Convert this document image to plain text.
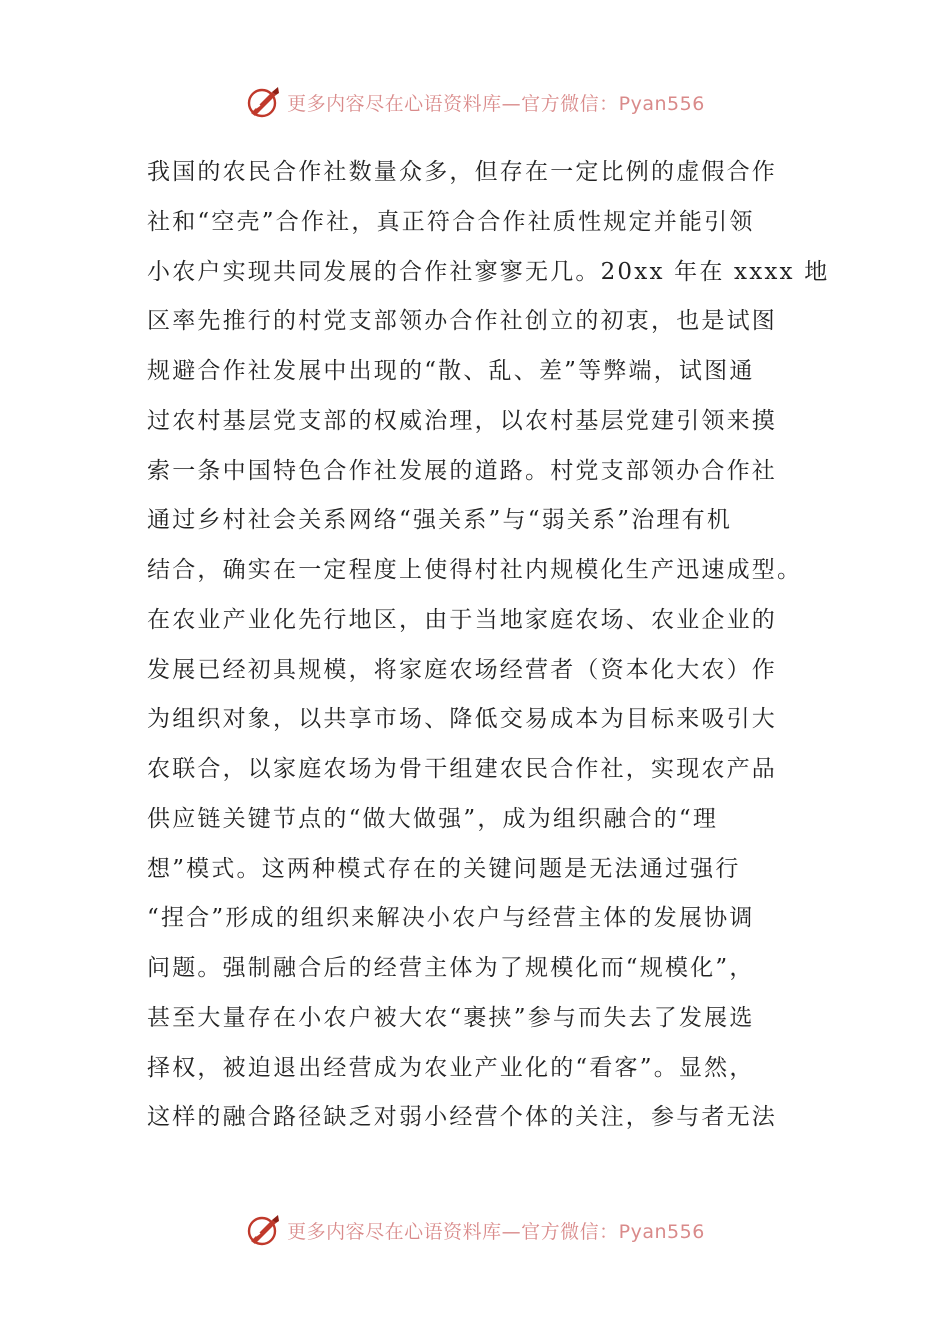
更多内容尽在心语资料库—官方微信：Pyan556
我国的农民合作社数量众多，但存在一定比例的虚假合作
社和“空壳”合作社，真正符合合作社质性规定并能引领
小农户实现共同发展的合作社寥寥无几。20xx 年在 xxxx 地
区率先推行的村党支部领办合作社创立的初衷，也是试图
规避合作社发展中出现的“散、乱、差”等弊端，试图通
过农村基层党支部的权威治理，以农村基层党建引领来摸
索一条中国特色合作社发展的道路。村党支部领办合作社
通过乡村社会关系网络“强关系”与“弱关系”治理有机
结合，确实在一定程度上使得村社内规模化生产迅速成型。
在农业产业化先行地区，由于当地家庭农场、农业企业的
发展已经初具规模，将家庭农场经营者（资本化大农）作
为组织对象，以共享市场、降低交易成本为目标来吸引大
农联合，以家庭农场为骨干组建农民合作社，实现农产品
供应链关键节点的“做大做强”，成为组织融合的“理
想”模式。这两种模式存在的关键问题是无法通过强行
“捏合”形成的组织来解决小农户与经营主体的发展协调
问题。强制融合后的经营主体为了规模化而“规模化”，
甚至大量存在小农户被大农“裹挟”参与而失去了发展选
择权，被迫退出经营成为农业产业化的“看客”。显然，
这样的融合路径缺乏对弱小经营个体的关注，参与者无法
更多内容尽在心语资料库—官方微信：Pyan556
